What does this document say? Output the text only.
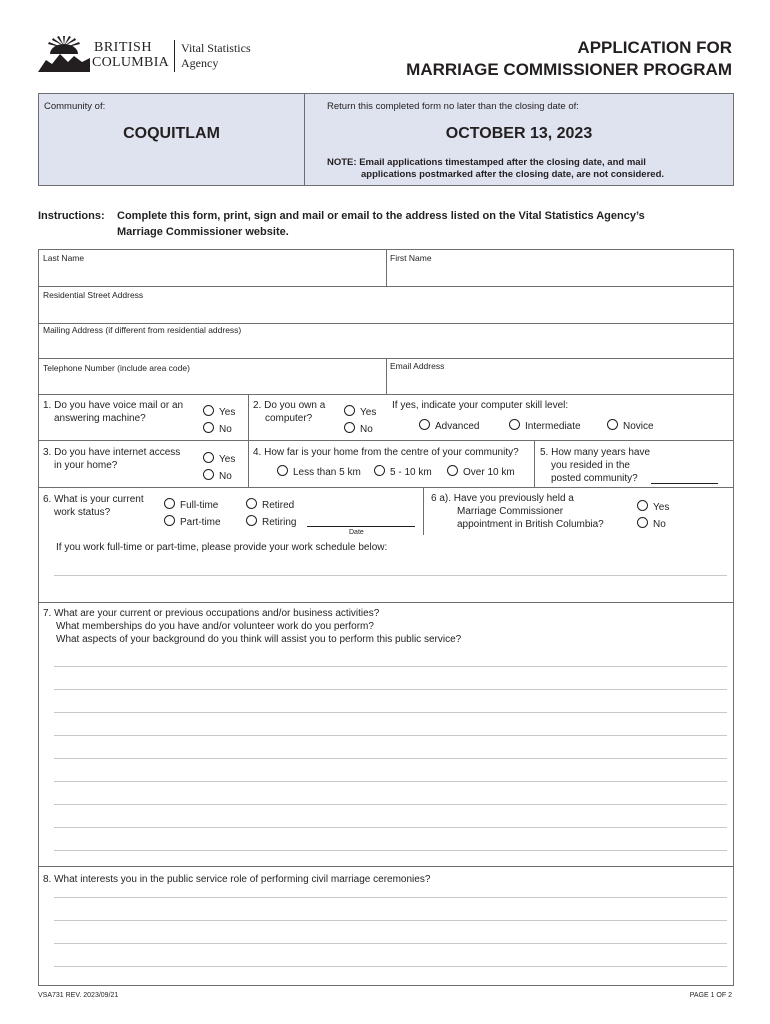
BRITISH
COLUMBIA
Vital Statistics
Agency
APPLICATION FOR
MARRIAGE COMMISSIONER PROGRAM
Community of:
COQUITLAM
Return this completed form no later than the closing date of:
OCTOBER 13, 2023
NOTE: Email applications timestamped after the closing date, and mail
applications postmarked after the closing date, are not considered.
Instructions: Complete this form, print, sign and mail or email to the address listed on the Vital Statistics Agency’s
Marriage Commissioner website.
Last Name	First Name
Residential Street Address
Mailing Address (if different from residential address)
Telephone Number (include area code)	Email Address
1. Do you have voice mail or an
answering machine?
Yes
No
2. Do you own a
computer?
Yes
No
If yes, indicate your computer skill level:
Advanced	Intermediate	Novice
3. Do you have internet access
in your home?
Yes
No
4. How far is your home from the centre of your community?
Less than 5 km	5 - 10 km	Over 10 km
5. How many years have
you resided in the
posted community?
6. What is your current
work status?
Full-time
Part-time
Retired
Retiring
Date
6 a). Have you previously held a
Marriage Commissioner
appointment in British Columbia?
Yes
No
If you work full-time or part-time, please provide your work schedule below:
7. What are your current or previous occupations and/or business activities?
What memberships do you have and/or volunteer work do you perform?
What aspects of your background do you think will assist you to perform this public service?
8. What interests you in the public service role of performing civil marriage ceremonies?
VSA731 REV. 2023/09/21	PAGE 1 OF 2
